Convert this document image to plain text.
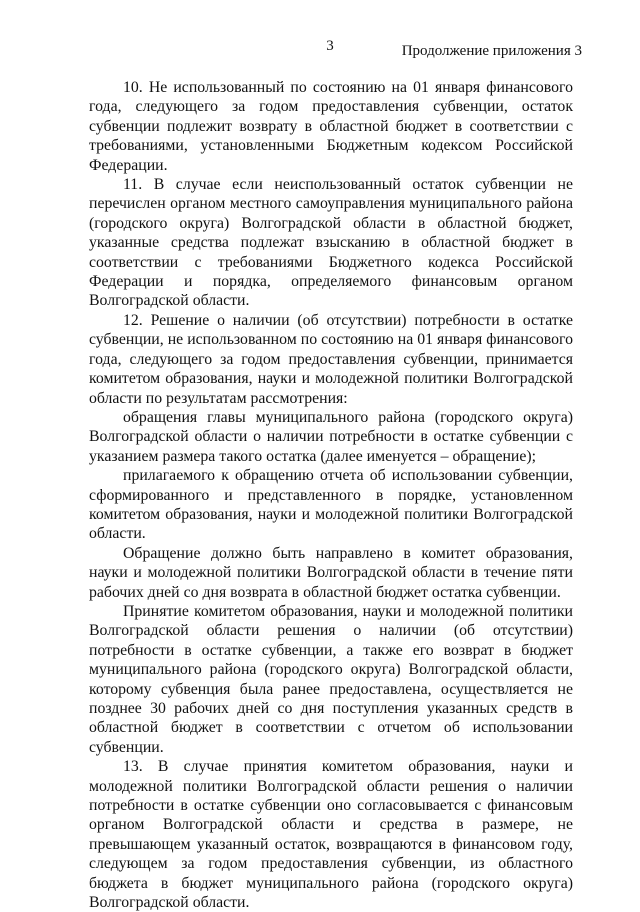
3	Продолжение приложения 3

10. Не использованный по состоянию на 01 января финансового года, следующего за годом предоставления субвенции, остаток субвенции подлежит возврату в областной бюджет в соответствии с требованиями, установленными Бюджетным кодексом Российской Федерации.

11. В случае если неиспользованный остаток субвенции не перечислен органом местного самоуправления муниципального района (городского округа) Волгоградской области в областной бюджет, указанные средства подлежат взысканию в областной бюджет в соответствии с требованиями Бюджетного кодекса Российской Федерации и порядка, определяемого финансовым органом Волгоградской области.

12. Решение о наличии (об отсутствии) потребности в остатке субвенции, не использованном по состоянию на 01 января финансового года, следующего за годом предоставления субвенции, принимается комитетом образования, науки и молодежной политики Волгоградской области по результатам рассмотрения:

обращения главы муниципального района (городского округа) Волгоградской области о наличии потребности в остатке субвенции с указанием размера такого остатка (далее именуется – обращение);

прилагаемого к обращению отчета об использовании субвенции, сформированного и представленного в порядке, установленном комитетом образования, науки и молодежной политики Волгоградской области.

Обращение должно быть направлено в комитет образования, науки и молодежной политики Волгоградской области в течение пяти рабочих дней со дня возврата в областной бюджет остатка субвенции.

Принятие комитетом образования, науки и молодежной политики Волгоградской области решения о наличии (об отсутствии) потребности в остатке субвенции, а также его возврат в бюджет муниципального района (городского округа) Волгоградской области, которому субвенция была ранее предоставлена, осуществляется не позднее 30 рабочих дней со дня поступления указанных средств в областной бюджет в соответствии с отчетом об использовании субвенции.

13. В случае принятия комитетом образования, науки и молодежной политики Волгоградской области решения о наличии потребности в остатке субвенции оно согласовывается с финансовым органом Волгоградской области и средства в размере, не превышающем указанный остаток, возвращаются в финансовом году, следующем за годом предоставления субвенции, из областного бюджета в бюджет муниципального района (городского округа) Волгоградской области.
